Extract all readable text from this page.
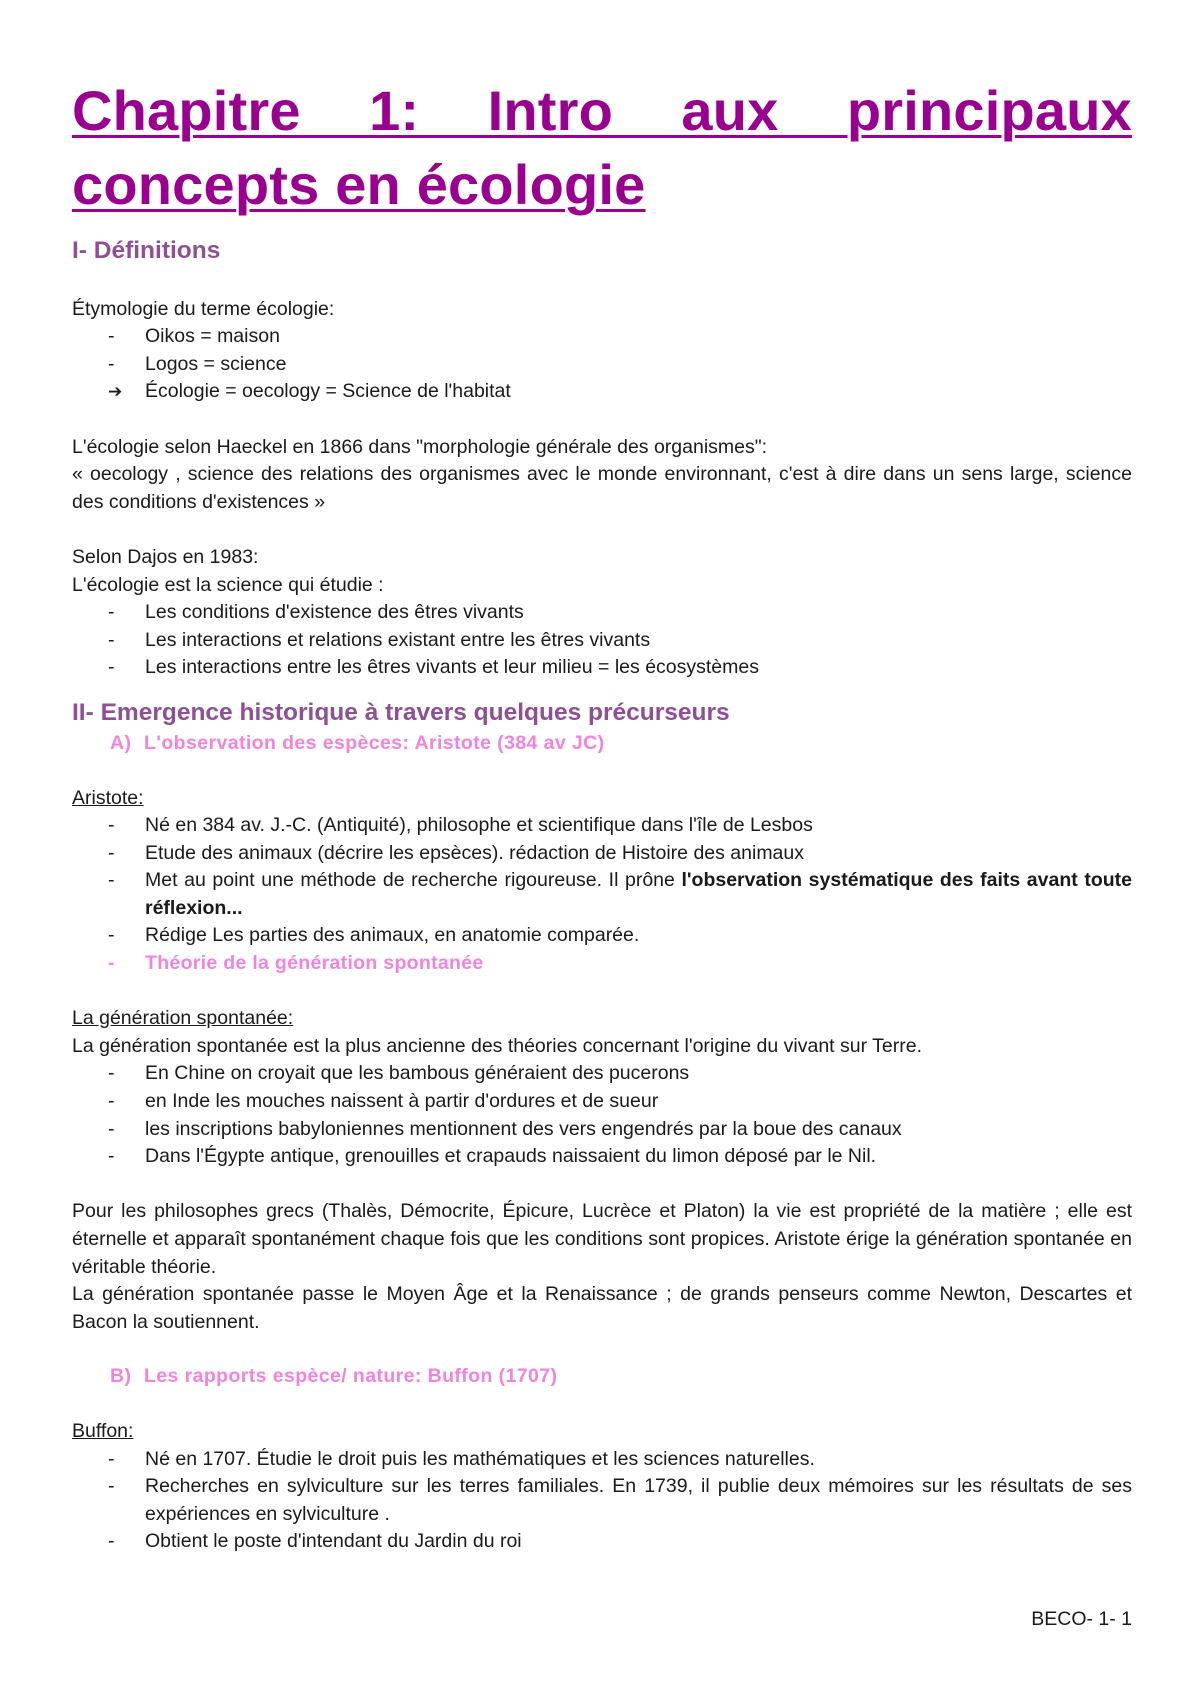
Chapitre 1: Intro aux principaux concepts en écologie
I- Définitions

Étymologie du terme écologie:

-	Oikos = maison
-	Logos = science
➔ Écologie = oecology = Science de l'habitat

L'écologie selon Haeckel en 1866 dans "morphologie générale des organismes":

« oecology , science des relations des organismes avec le monde environnant, c'est à dire dans un sens large, science des conditions d'existences »

Selon Dajos en 1983:

L'écologie est la science qui étudie :

-	Les conditions d'existence des êtres vivants
-	Les interactions et relations existant entre les êtres vivants
-	Les interactions entre les êtres vivants et leur milieu = les écosystèmes
II- Emergence historique à travers quelques précurseurs
A) L'observation des espèces: Aristote (384 av JC)

Aristote:

-	Né en 384 av. J.-C. (Antiquité), philosophe et scientifique dans l'île de Lesbos
-	Etude des animaux (décrire les epsèces). rédaction de Histoire des animaux
-	Met au point une méthode de recherche rigoureuse. Il prône l'observation systématique des faits avant toute réflexion...
-	Rédige Les parties des animaux, en anatomie comparée.
-	Théorie de la génération spontanée

La génération spontanée:

La génération spontanée est la plus ancienne des théories concernant l'origine du vivant sur Terre.

-	En Chine on croyait que les bambous généraient des pucerons
-	en Inde les mouches naissent à partir d'ordures et de sueur
-	les inscriptions babyloniennes mentionnent des vers engendrés par la boue des canaux
-	Dans l'Égypte antique, grenouilles et crapauds naissaient du limon déposé par le Nil.

Pour les philosophes grecs (Thalès, Démocrite, Épicure, Lucrèce et Platon) la vie est propriété de la matière ; elle est éternelle et apparaît spontanément chaque fois que les conditions sont propices. Aristote érige la génération spontanée en véritable théorie.

La génération spontanée passe le Moyen Âge et la Renaissance ; de grands penseurs comme Newton, Descartes et Bacon la soutiennent.

B) Les rapports espèce/ nature: Buffon (1707)

Buffon:

-	Né en 1707. Étudie le droit puis les mathématiques et les sciences naturelles.
-	Recherches en sylviculture sur les terres familiales. En 1739, il publie deux mémoires sur les résultats de ses expériences en sylviculture .
-	Obtient le poste d'intendant du Jardin du roi
BECO- 1- 1
